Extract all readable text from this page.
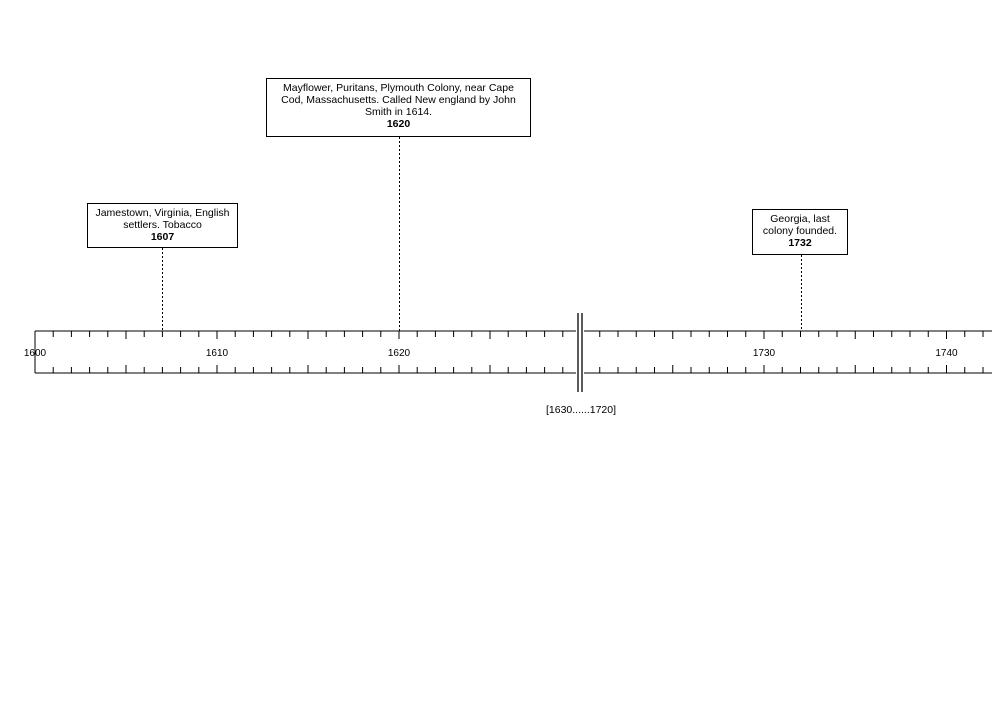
1600	1610	1620	1730	1740
Jamestown, Virginia, English settlers. Tobacco
1607
Mayflower, Puritans, Plymouth Colony, near Cape Cod, Massachusetts. Called New england by John Smith in 1614.
1620
Georgia, last colony founded.
1732
[1630......1720]
